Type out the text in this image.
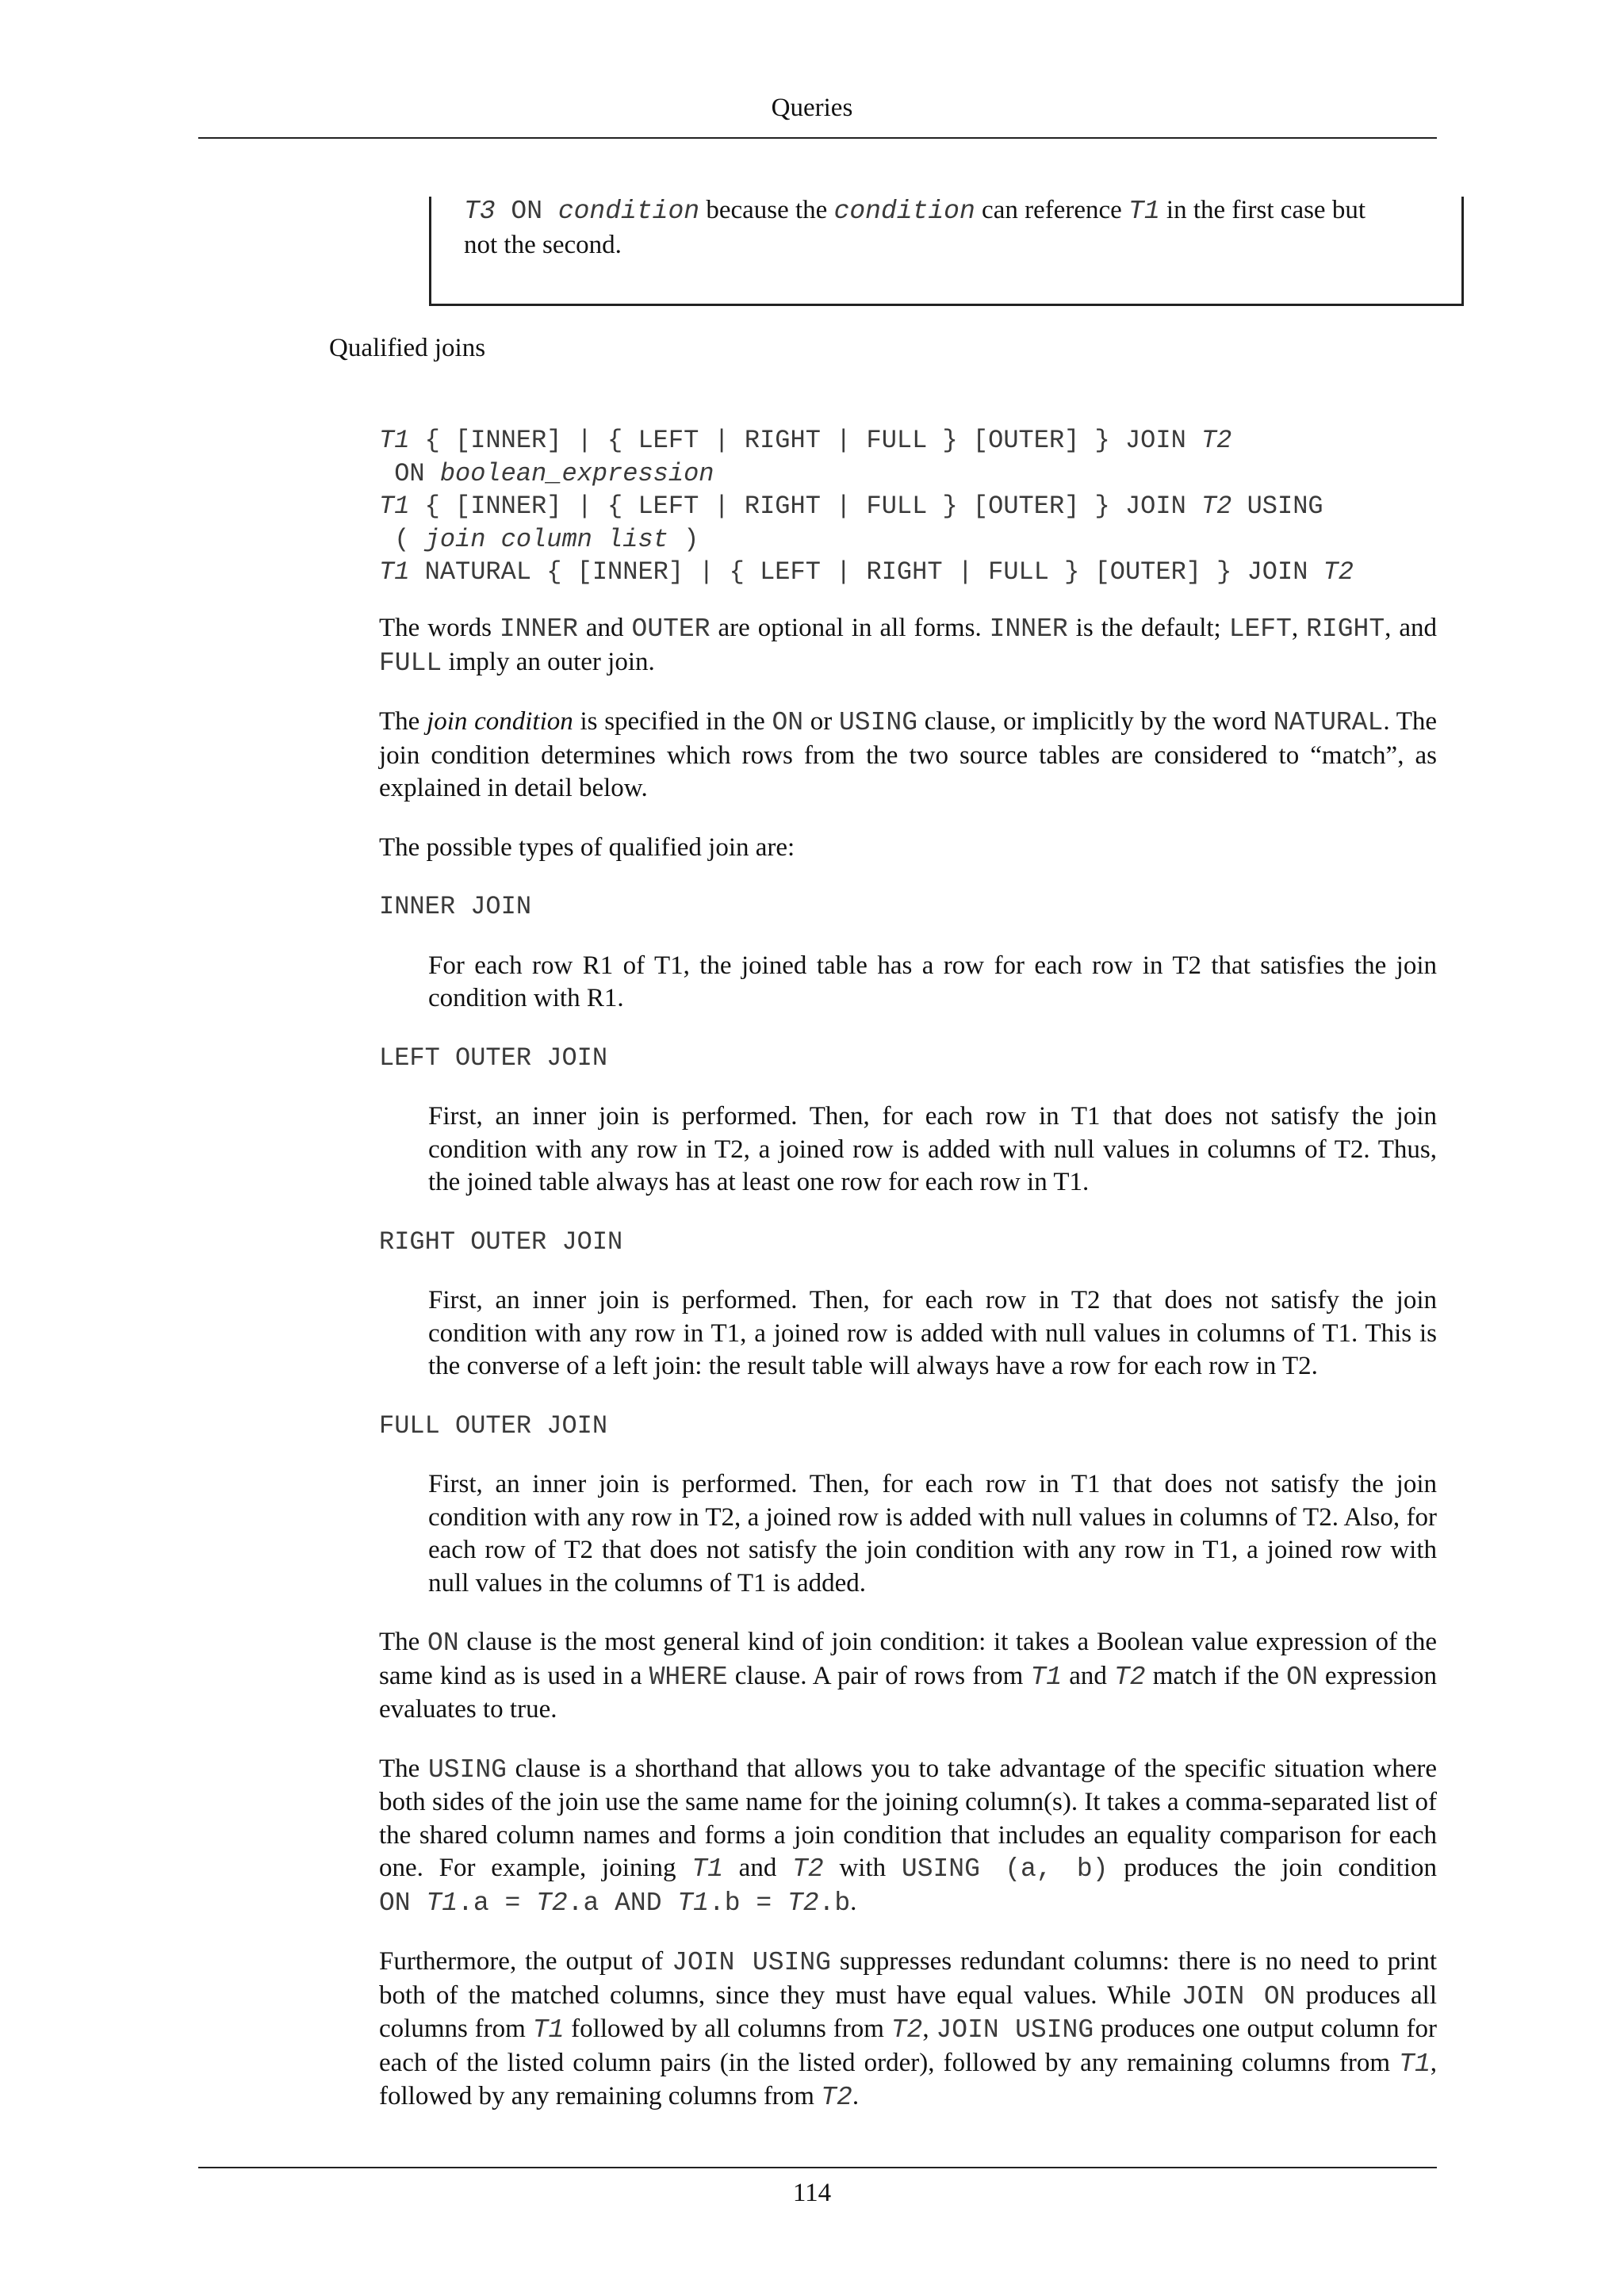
Queries
T3 ON condition because the condition can reference T1 in the first case but
not the second.
Qualified joins
T1 { [INNER] | { LEFT | RIGHT | FULL } [OUTER] } JOIN T2
ON boolean_expression
T1 { [INNER] | { LEFT | RIGHT | FULL } [OUTER] } JOIN T2 USING
( join column list )
T1 NATURAL { [INNER] | { LEFT | RIGHT | FULL } [OUTER] } JOIN T2

The words INNER and OUTER are optional in all forms. INNER is the default; LEFT, RIGHT, and FULL imply an outer join.

The join condition is specified in the ON or USING clause, or implicitly by the word NATURAL. The join condition determines which rows from the two source tables are considered to “match”, as explained in detail below.

The possible types of qualified join are:

INNER JOIN

For each row R1 of T1, the joined table has a row for each row in T2 that satisfies the join condition with R1.

LEFT OUTER JOIN

First, an inner join is performed. Then, for each row in T1 that does not satisfy the join condition with any row in T2, a joined row is added with null values in columns of T2. Thus, the joined table always has at least one row for each row in T1.

RIGHT OUTER JOIN

First, an inner join is performed. Then, for each row in T2 that does not satisfy the join condition with any row in T1, a joined row is added with null values in columns of T1. This is the converse of a left join: the result table will always have a row for each row in T2.

FULL OUTER JOIN

First, an inner join is performed. Then, for each row in T1 that does not satisfy the join condition with any row in T2, a joined row is added with null values in columns of T2. Also, for each row of T2 that does not satisfy the join condition with any row in T1, a joined row with null values in the columns of T1 is added.

The ON clause is the most general kind of join condition: it takes a Boolean value expression of the same kind as is used in a WHERE clause. A pair of rows from T1 and T2 match if the ON expression evaluates to true.

The USING clause is a shorthand that allows you to take advantage of the specific situation where both sides of the join use the same name for the joining column(s). It takes a comma-separated list of the shared column names and forms a join condition that includes an equality comparison for each one. For example, joining T1 and T2 with USING (a, b) produces the join condition ON T1.a = T2.a AND T1.b = T2.b.

Furthermore, the output of JOIN USING suppresses redundant columns: there is no need to print both of the matched columns, since they must have equal values. While JOIN ON produces all columns from T1 followed by all columns from T2, JOIN USING produces one output column for each of the listed column pairs (in the listed order), followed by any remaining columns from T1, followed by any remaining columns from T2.

114
